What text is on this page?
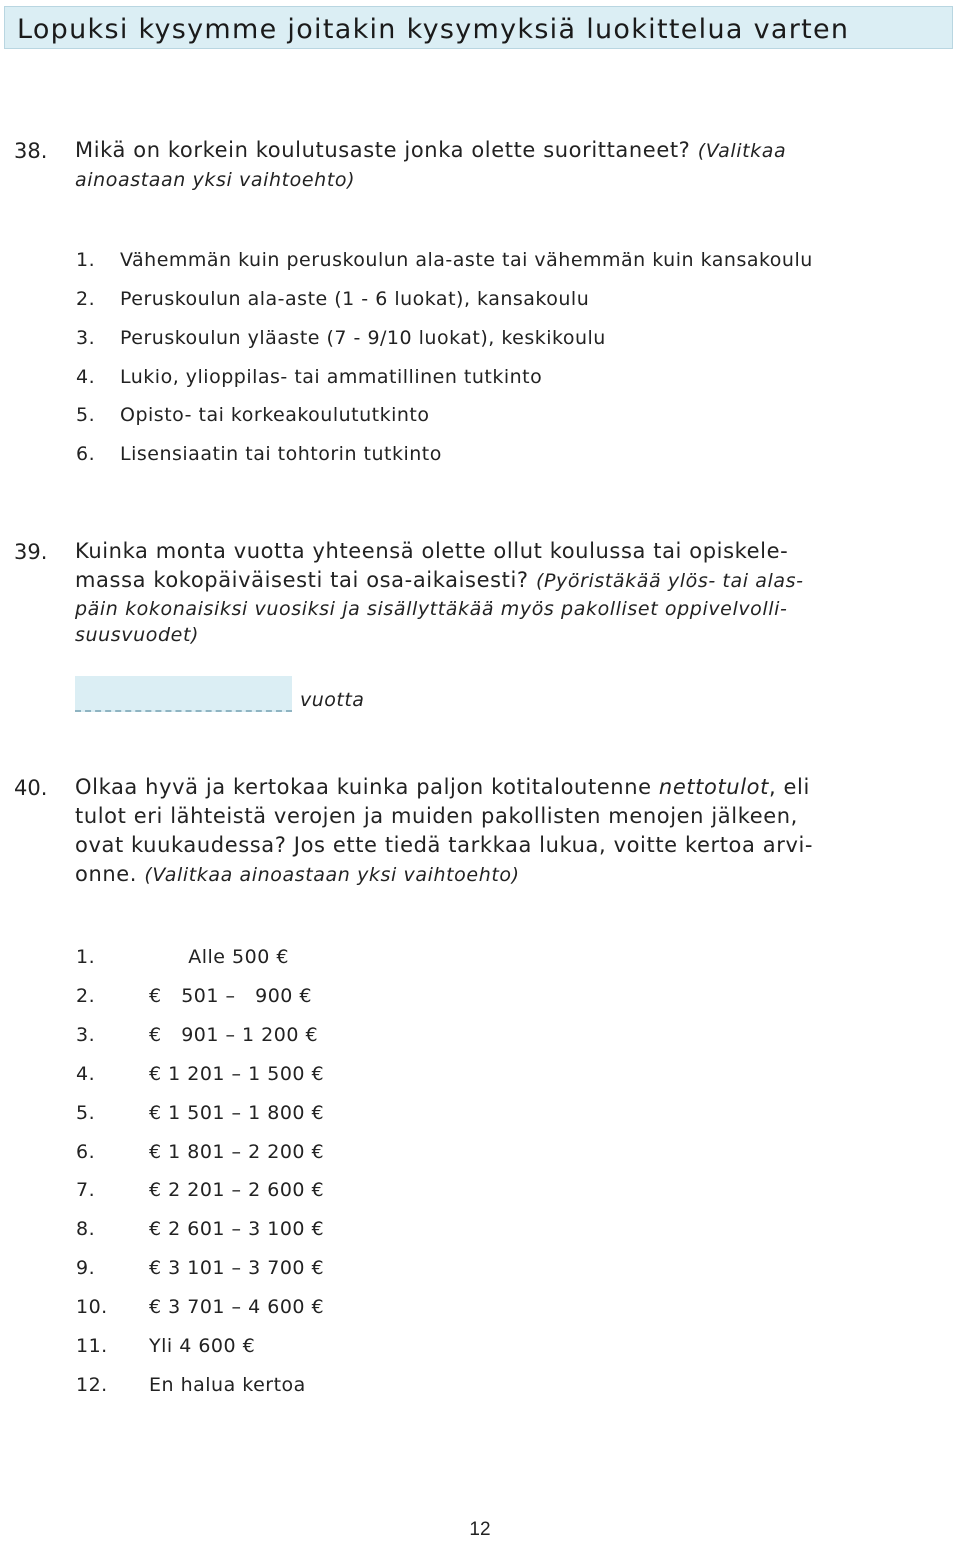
Lopuksi kysymme joitakin kysymyksiä luokittelua varten
38. Mikä on korkein koulutusaste jonka olette suorittaneet? (Valitkaa
ainoastaan yksi vaihtoehto)
1. Vähemmän kuin peruskoulun ala-aste tai vähemmän kuin kansakoulu
2. Peruskoulun ala-aste (1 - 6 luokat), kansakoulu
3. Peruskoulun yläaste (7 - 9/10 luokat), keskikoulu
4. Lukio, ylioppilas- tai ammatillinen tutkinto
5. Opisto- tai korkeakoulututkinto
6. Lisensiaatin tai tohtorin tutkinto
39. Kuinka monta vuotta yhteensä olette ollut koulussa tai opiskele-
massa kokopäiväisesti tai osa-aikaisesti? (Pyöristäkää ylös- tai alas-
päin kokonaisiksi vuosiksi ja sisällyttäkää myös pakolliset oppivelvolli-
suusvuodet)
vuotta
40. Olkaa hyvä ja kertokaa kuinka paljon kotitaloutenne nettotulot, eli
tulot eri lähteistä verojen ja muiden pakollisten menojen jälkeen,
ovat kuukaudessa? Jos ette tiedä tarkkaa lukua, voitte kertoa arvi-
onne. (Valitkaa ainoastaan yksi vaihtoehto)
1.	Alle 500 €
2.	€   501 –   900 €
3.	€   901 – 1 200 €
4.	€ 1 201 – 1 500 €
5.	€ 1 501 – 1 800 €
6.	€ 1 801 – 2 200 €
7.	€ 2 201 – 2 600 €
8.	€ 2 601 – 3 100 €
9.	€ 3 101 – 3 700 €
10. € 3 701 – 4 600 €
11. Yli 4 600 €
12. En halua kertoa
12
